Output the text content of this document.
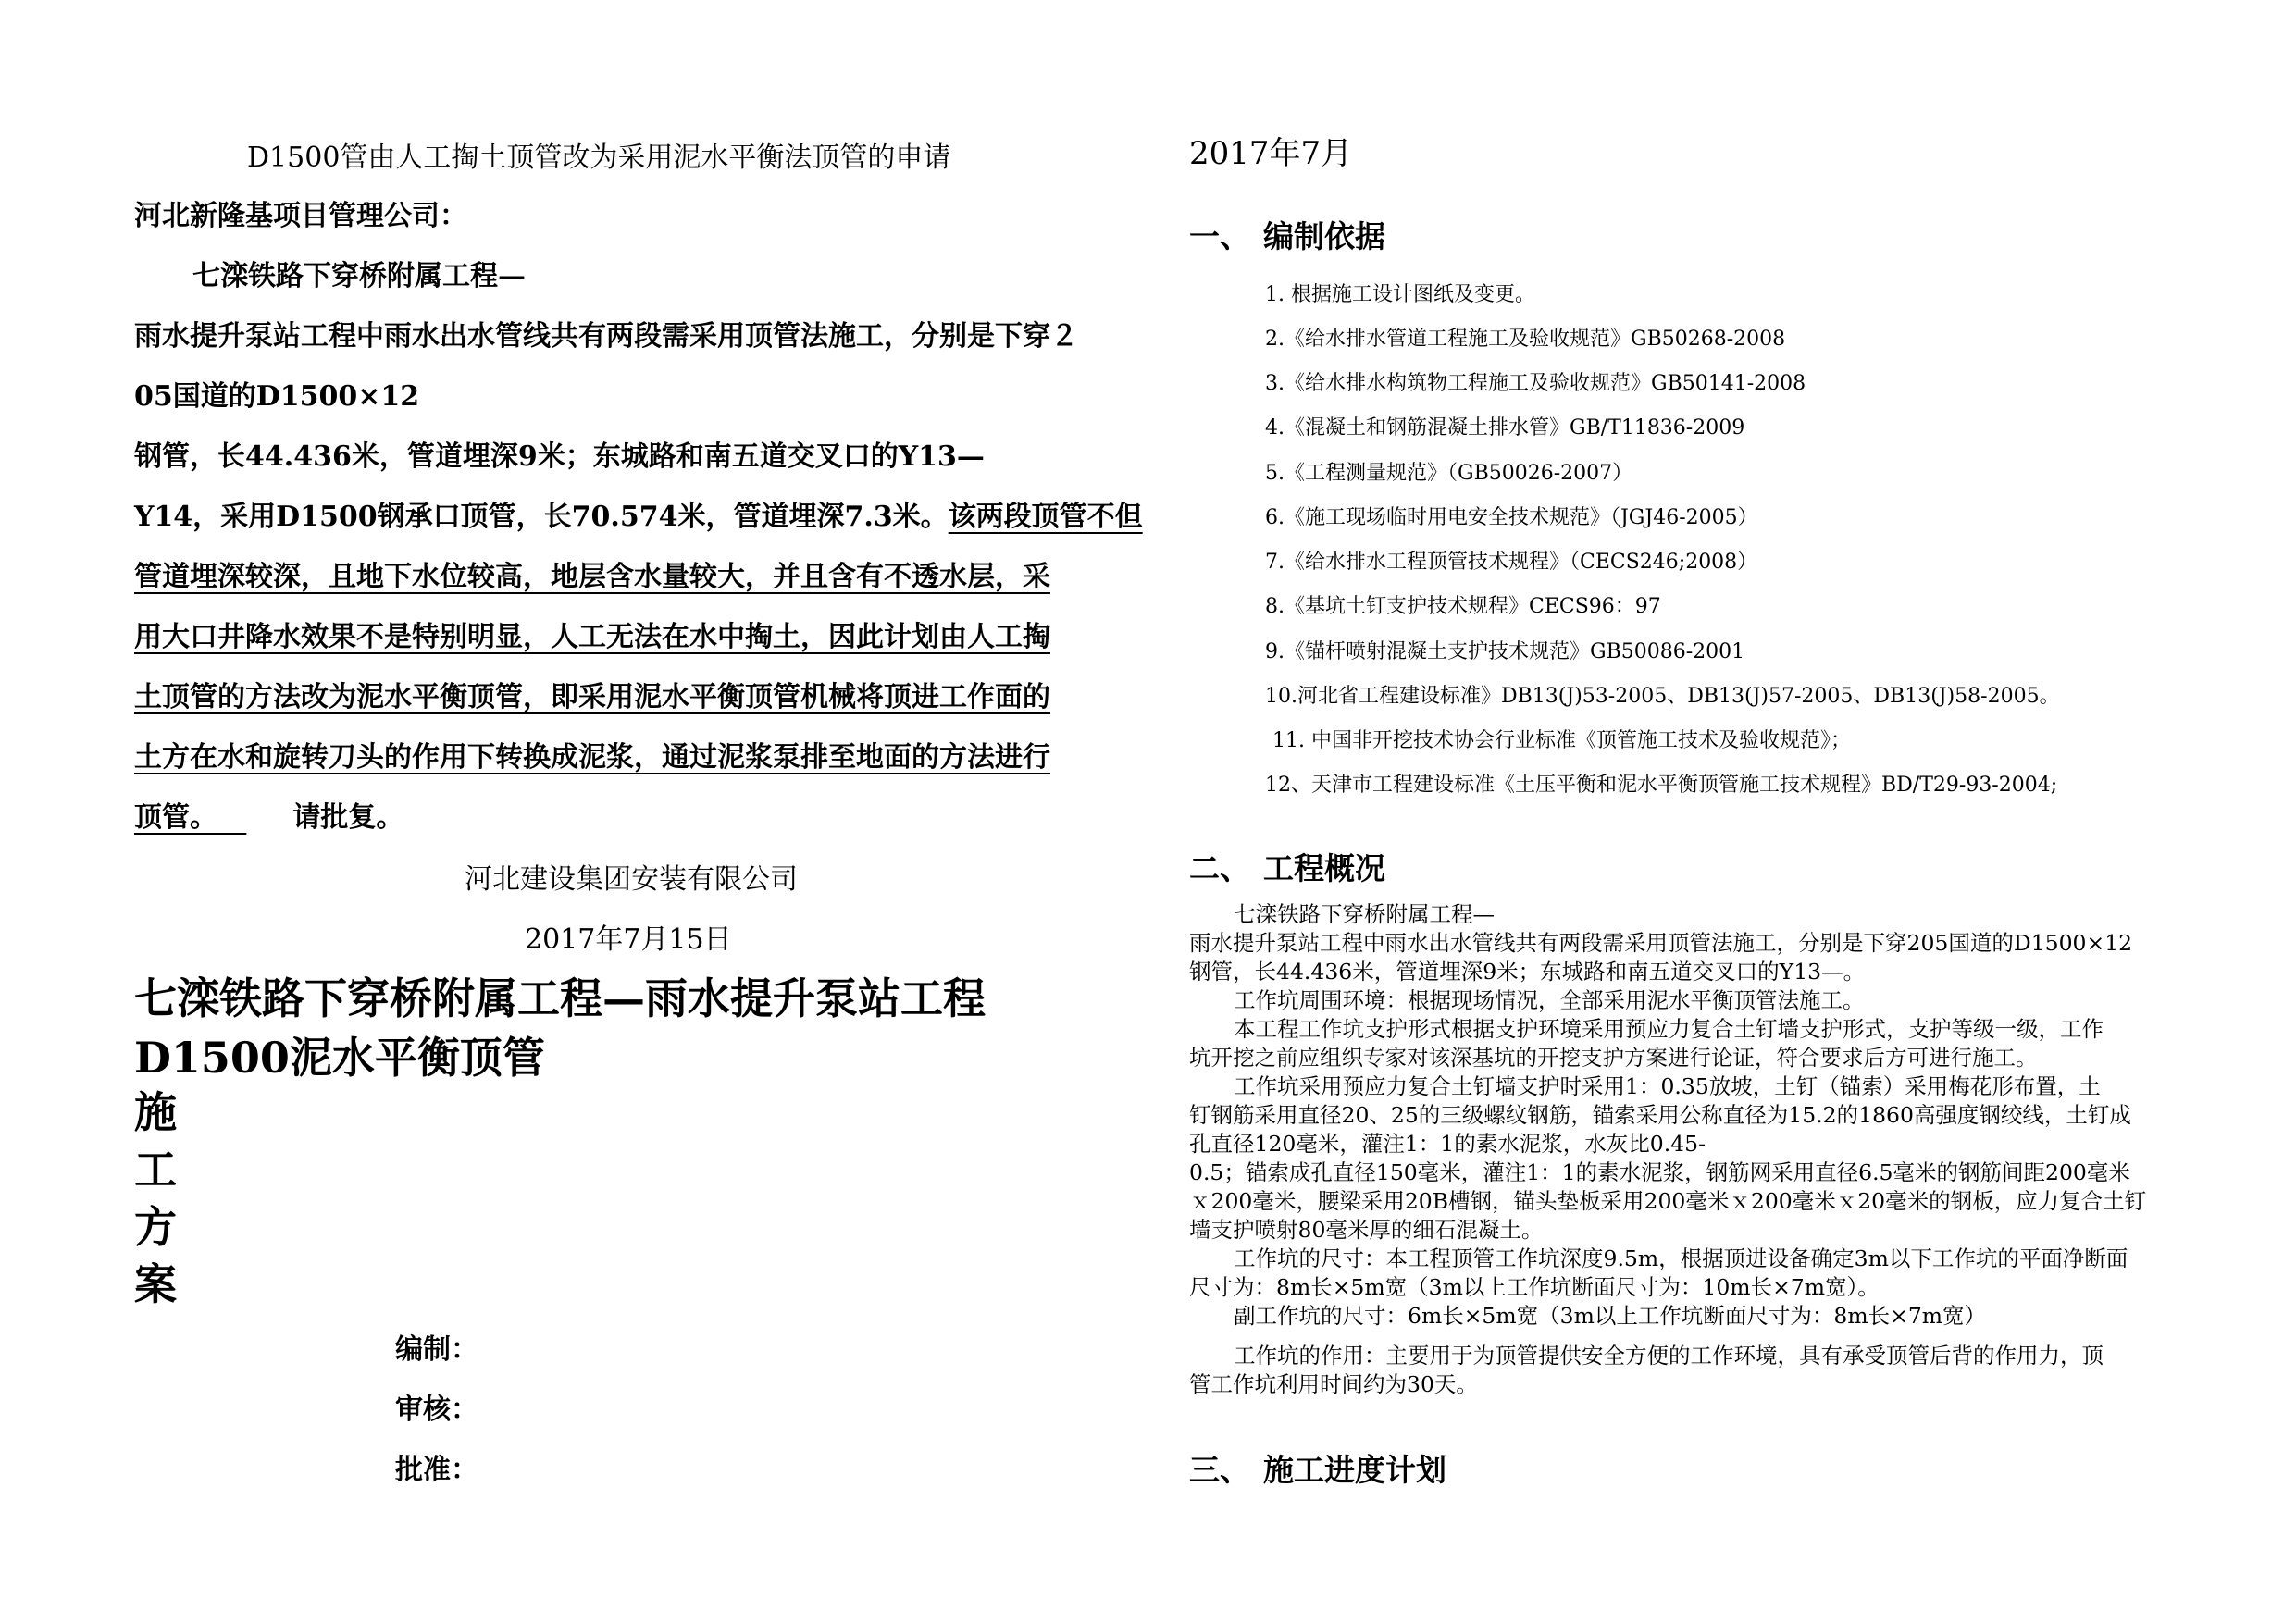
D1500管由人工掏土顶管改为采用泥水平衡法顶管的申请
河北新隆基项目管理公司：
七滦铁路下穿桥附属工程—
雨水提升泵站工程中雨水出水管线共有两段需采用顶管法施工，分别是下穿２
05国道的D1500×12
钢管，长44.436米，管道埋深9米；东城路和南五道交叉口的Y13—
Y14，采用D1500钢承口顶管，长70.574米，管道埋深7.3米。该两段顶管不但
管道埋深较深，且地下水位较高，地层含水量较大，并且含有不透水层，采
用大口井降水效果不是特别明显，人工无法在水中掏土，因此计划由人工掏
土顶管的方法改为泥水平衡顶管，即采用泥水平衡顶管机械将顶进工作面的
土方在水和旋转刀头的作用下转换成泥浆，通过泥浆泵排至地面的方法进行
顶管。	请批复。
河北建设集团安装有限公司
2017年7月15日
七滦铁路下穿桥附属工程—雨水提升泵站工程
D1500泥水平衡顶管
施
工
方
案
编制：
审核：
批准：
2017年7月
一、 编制依据
1. 根据施工设计图纸及变更。
2.《给水排水管道工程施工及验收规范》GB50268-2008
3.《给水排水构筑物工程施工及验收规范》GB50141-2008
4.《混凝土和钢筋混凝土排水管》GB/T11836-2009
5.《工程测量规范》（GB50026-2007）
6.《施工现场临时用电安全技术规范》（JGJ46-2005）
7.《给水排水工程顶管技术规程》（CECS246;2008）
8.《基坑土钉支护技术规程》CECS96：97
9.《锚杆喷射混凝土支护技术规范》GB50086-2001
10.河北省工程建设标准》DB13(J)53-2005、DB13(J)57-2005、DB13(J)58-2005。
11. 中国非开挖技术协会行业标准《顶管施工技术及验收规范》；
12、天津市工程建设标准《土压平衡和泥水平衡顶管施工技术规程》BD/T29-93-2004;
二、 工程概况
七滦铁路下穿桥附属工程—
雨水提升泵站工程中雨水出水管线共有两段需采用顶管法施工，分别是下穿205国道的D1500×12
钢管，长44.436米，管道埋深9米；东城路和南五道交叉口的Y13—。
工作坑周围环境：根据现场情况，全部采用泥水平衡顶管法施工。
本工程工作坑支护形式根据支护环境采用预应力复合土钉墙支护形式，支护等级一级，工作
坑开挖之前应组织专家对该深基坑的开挖支护方案进行论证，符合要求后方可进行施工。
工作坑采用预应力复合土钉墙支护时采用1：0.35放坡，土钉（锚索）采用梅花形布置，土
钉钢筋采用直径20、25的三级螺纹钢筋，锚索采用公称直径为15.2的1860高强度钢绞线，土钉成
孔直径120毫米，灌注1：1的素水泥浆，水灰比0.45-
0.5；锚索成孔直径150毫米，灌注1：1的素水泥浆，钢筋网采用直径6.5毫米的钢筋间距200毫米
ｘ200毫米，腰梁采用20B槽钢，锚头垫板采用200毫米ｘ200毫米ｘ20毫米的钢板，应力复合土钉
墙支护喷射80毫米厚的细石混凝土。
工作坑的尺寸：本工程顶管工作坑深度9.5m，根据顶进设备确定3m以下工作坑的平面净断面
尺寸为：8m长×5m宽（3m以上工作坑断面尺寸为：10m长×7m宽）。
副工作坑的尺寸：6m长×5m宽（3m以上工作坑断面尺寸为：8m长×7m宽）
工作坑的作用：主要用于为顶管提供安全方便的工作环境，具有承受顶管后背的作用力，顶
管工作坑利用时间约为30天。
三、 施工进度计划
